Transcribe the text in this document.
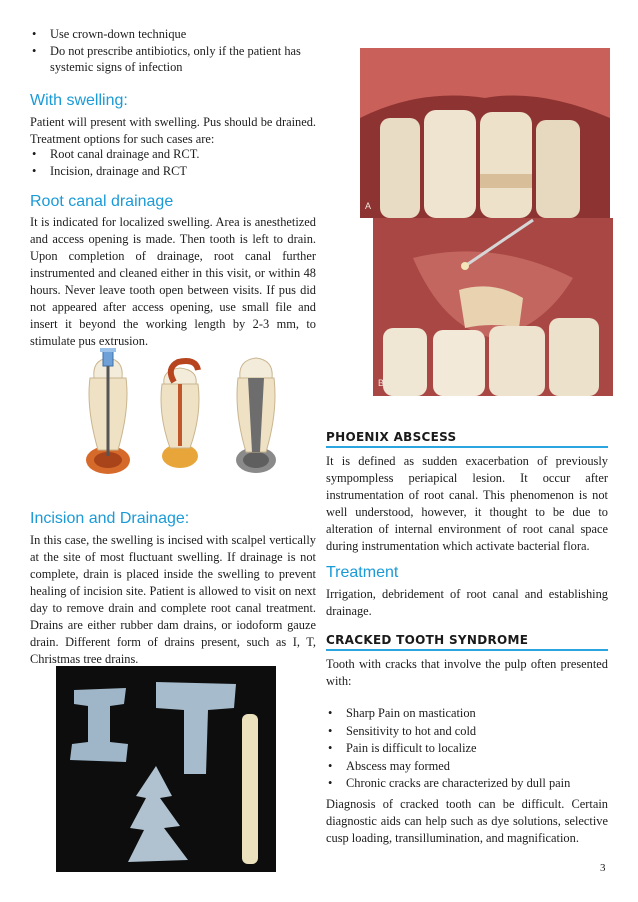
• Use crown-down technique
• Do not prescribe antibiotics, only if the patient has systemic signs of infection
With swelling:
Patient will present with swelling. Pus should be drained. Treatment options for such cases are:
• Root canal drainage and RCT.
• Incision, drainage and RCT
Root canal drainage
It is indicated for localized swelling. Area is anesthetized and access opening is made. Then tooth is left to drain. Upon completion of drainage, root canal further instrumented and cleaned either in this visit, or within 48 hours. Never leave tooth open between visits. If pus did not appeared after access opening, use small file and insert it beyond the working length by 2-3 mm, to stimulate pus extrusion.
Incision and Drainage:
In this case, the swelling is incised with scalpel vertically at the site of most fluctuant swelling. If drainage is not complete, drain is placed inside the swelling to prevent healing of incision site. Patient is allowed to visit on next day to remove drain and complete root canal treatment. Drains are either rubber dam drains, or iodoform gauze drain. Different form of drains present, such as I, T, Christmas tree drains.
A
B
PHOENIX ABSCESS
It is defined as sudden exacerbation of previously sympompless periapical lesion. It occur after instrumentation of root canal. This phenomenon is not well understood, however, it thought to be due to alteration of internal environment of root canal space during instrumentation which activate bacterial flora.
Treatment
Irrigation, debridement of root canal and establishing drainage.
CRACKED TOOTH SYNDROME
Tooth with cracks that involve the pulp often presented with:
• Sharp Pain on mastication
• Sensitivity to hot and cold
• Pain is difficult to localize
• Abscess may formed
• Chronic cracks are characterized by dull pain
Diagnosis of cracked tooth can be difficult. Certain diagnostic aids can help such as dye solutions, selective cusp loading, transillumination, and magnification.
3
